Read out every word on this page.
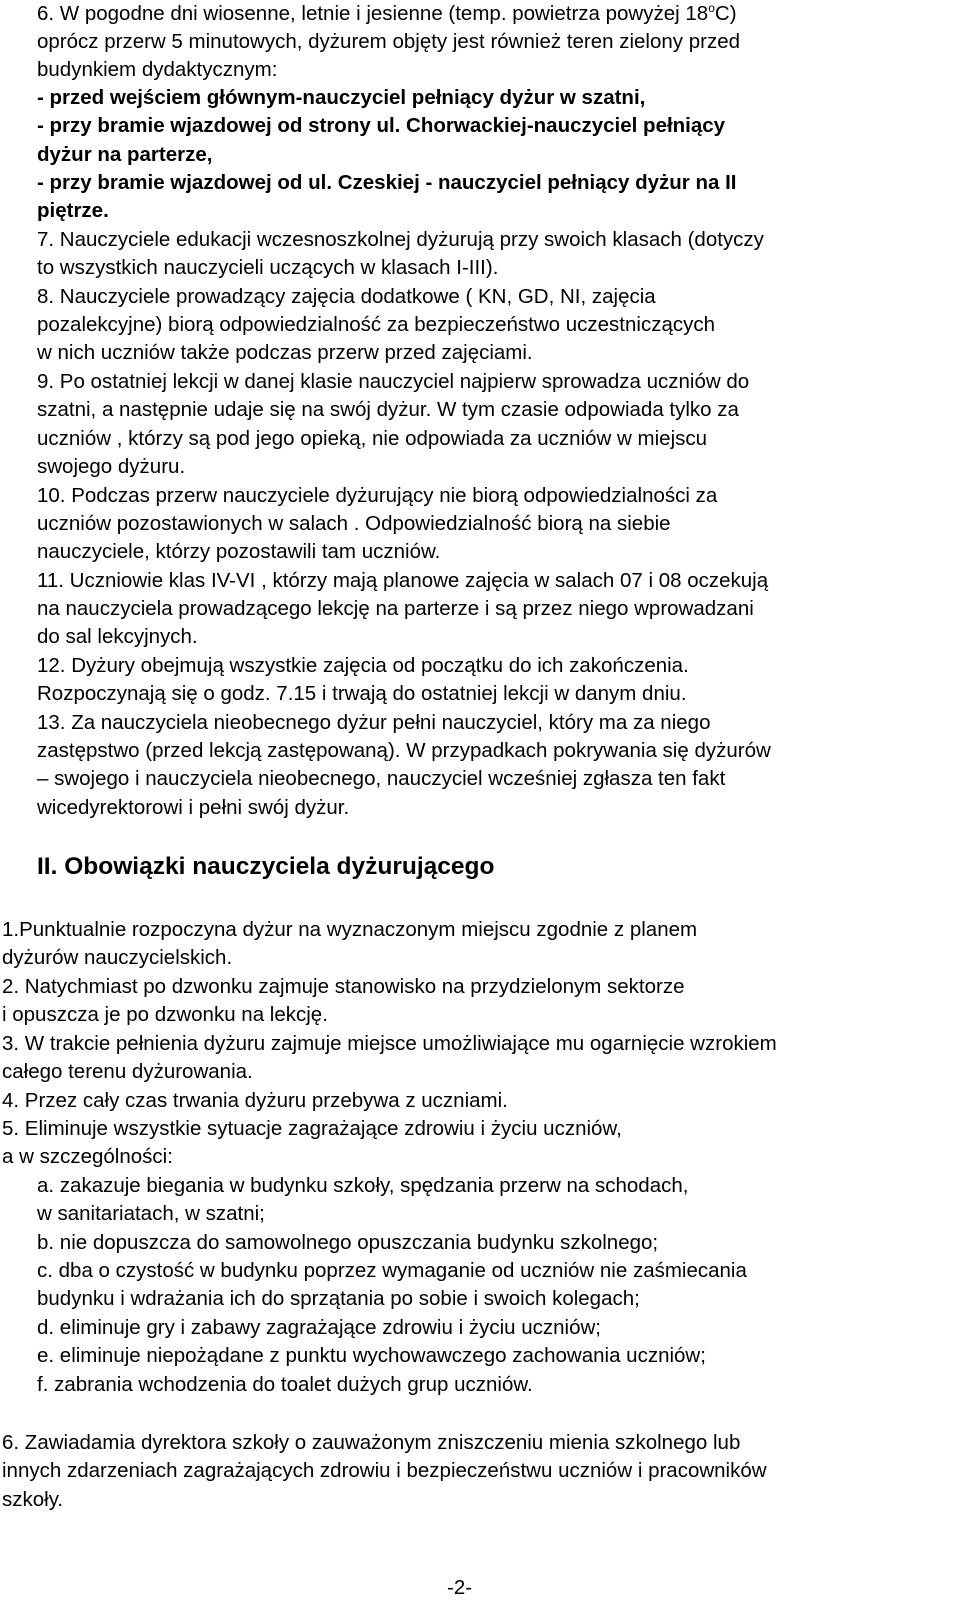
6. W pogodne dni wiosenne, letnie i jesienne (temp. powietrza powyżej 18$^o$C)
oprócz przerw 5 minutowych, dyżurem objęty jest również teren zielony przed
budynkiem dydaktycznym:
- przed wejściem głównym-nauczyciel pełniący dyżur w szatni,
- przy bramie wjazdowej od strony ul. Chorwackiej-nauczyciel pełniący
dyżur na parterze,
- przy bramie wjazdowej od ul. Czeskiej - nauczyciel pełniący dyżur na II
piętrze.
7. Nauczyciele edukacji wczesnoszkolnej dyżurują przy swoich klasach (dotyczy
to wszystkich nauczycieli uczących w klasach I-III).
8. Nauczyciele prowadzący zajęcia dodatkowe ( KN, GD, NI, zajęcia
pozalekcyjne) biorą odpowiedzialność za bezpieczeństwo uczestniczących
w nich uczniów także podczas przerw przed zajęciami.
9. Po ostatniej lekcji w danej klasie nauczyciel najpierw sprowadza uczniów do
szatni, a następnie udaje się na swój dyżur. W tym czasie odpowiada tylko za
uczniów , którzy są pod jego opieką, nie odpowiada za uczniów w miejscu
swojego dyżuru.
10. Podczas przerw nauczyciele dyżurujący nie biorą odpowiedzialności za
uczniów pozostawionych w salach . Odpowiedzialność biorą na siebie
nauczyciele, którzy pozostawili tam uczniów.
11. Uczniowie klas IV-VI , którzy mają planowe zajęcia w salach 07 i 08 oczekują
na nauczyciela prowadzącego lekcję na parterze i są przez niego wprowadzani
do sal lekcyjnych.
12. Dyżury obejmują wszystkie zajęcia od początku do ich zakończenia.
Rozpoczynają się o godz. 7.15 i trwają do ostatniej lekcji w danym dniu.
13. Za nauczyciela nieobecnego dyżur pełni nauczyciel, który ma za niego
zastępstwo (przed lekcją zastępowaną). W przypadkach pokrywania się dyżurów
– swojego i nauczyciela nieobecnego, nauczyciel wcześniej zgłasza ten fakt
wicedyrektorowi i pełni swój dyżur.
II. Obowiązki nauczyciela dyżurującego
1.Punktualnie rozpoczyna dyżur na wyznaczonym miejscu zgodnie z planem
dyżurów nauczycielskich.
2. Natychmiast po dzwonku zajmuje stanowisko na przydzielonym sektorze
i opuszcza je po dzwonku na lekcję.
3. W trakcie pełnienia dyżuru zajmuje miejsce umożliwiające mu ogarnięcie wzrokiem
całego terenu dyżurowania.
4. Przez cały czas trwania dyżuru przebywa z uczniami.
5. Eliminuje wszystkie sytuacje zagrażające zdrowiu i życiu uczniów,
a w szczególności:
a. zakazuje biegania w budynku szkoły, spędzania przerw na schodach,
w sanitariatach, w szatni;
b. nie dopuszcza do samowolnego opuszczania budynku szkolnego;
c. dba o czystość w budynku poprzez wymaganie od uczniów nie zaśmiecania
budynku i wdrażania ich do sprzątania po sobie i swoich kolegach;
d. eliminuje gry i zabawy zagrażające zdrowiu i życiu uczniów;
e. eliminuje niepożądane z punktu wychowawczego zachowania uczniów;
f. zabrania wchodzenia do toalet dużych grup uczniów.
6. Zawiadamia dyrektora szkoły o zauważonym zniszczeniu mienia szkolnego lub
innych zdarzeniach zagrażających zdrowiu i bezpieczeństwu uczniów i pracowników
szkoły.
-2-
